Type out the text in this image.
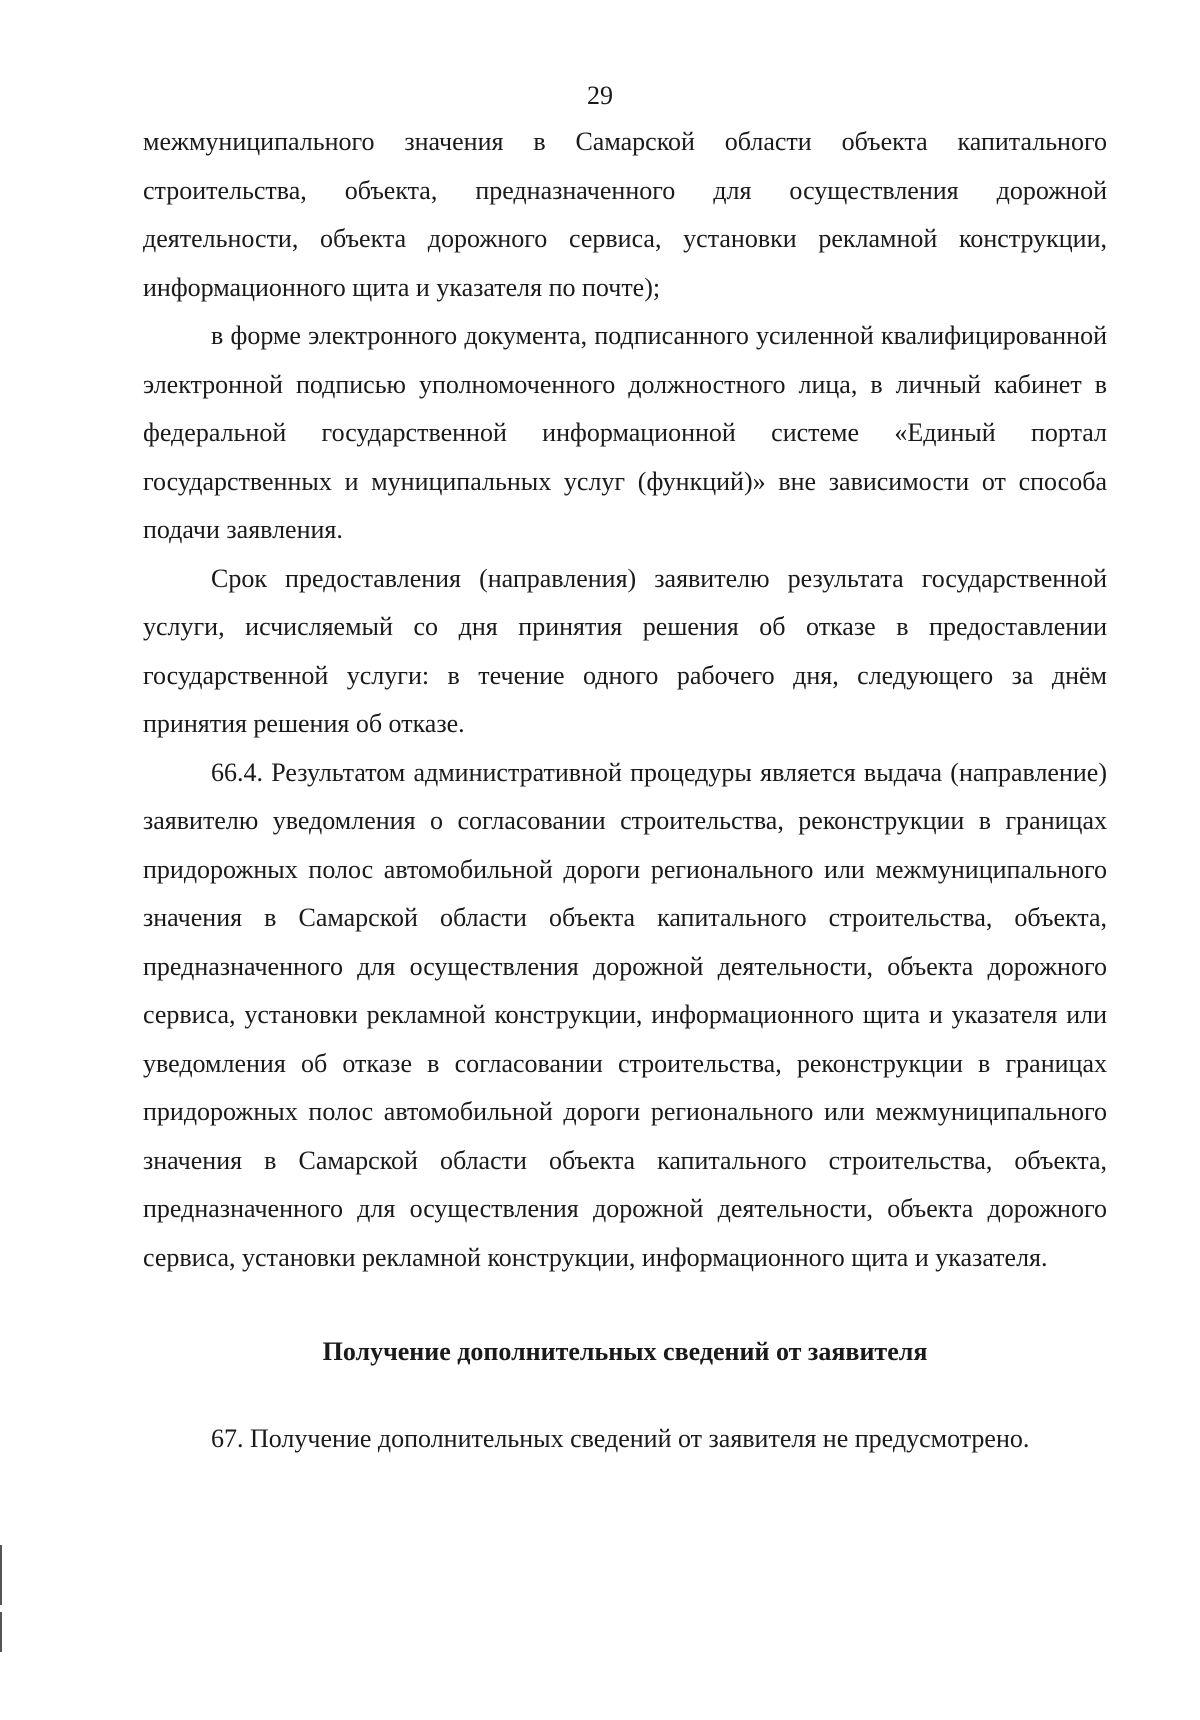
29

межмуниципального значения в Самарской области объекта капитального строительства, объекта, предназначенного для осуществления дорожной деятельности, объекта дорожного сервиса, установки рекламной конструкции, информационного щита и указателя по почте);

в форме электронного документа, подписанного усиленной квалифицированной электронной подписью уполномоченного должностного лица, в личный кабинет в федеральной государственной информационной системе «Единый портал государственных и муниципальных услуг (функций)» вне зависимости от способа подачи заявления.

Срок предоставления (направления) заявителю результата государственной услуги, исчисляемый со дня принятия решения об отказе в предоставлении государственной услуги: в течение одного рабочего дня, следующего за днём принятия решения об отказе.

66.4. Результатом административной процедуры является выдача (направление) заявителю уведомления о согласовании строительства, реконструкции в границах придорожных полос автомобильной дороги регионального или межмуниципального значения в Самарской области объекта капитального строительства, объекта, предназначенного для осуществления дорожной деятельности, объекта дорожного сервиса, установки рекламной конструкции, информационного щита и указателя или уведомления об отказе в согласовании строительства, реконструкции в границах придорожных полос автомобильной дороги регионального или межмуниципального значения в Самарской области объекта капитального строительства, объекта, предназначенного для осуществления дорожной деятельности, объекта дорожного сервиса, установки рекламной конструкции, информационного щита и указателя.

Получение дополнительных сведений от заявителя

67. Получение дополнительных сведений от заявителя не предусмотрено.
